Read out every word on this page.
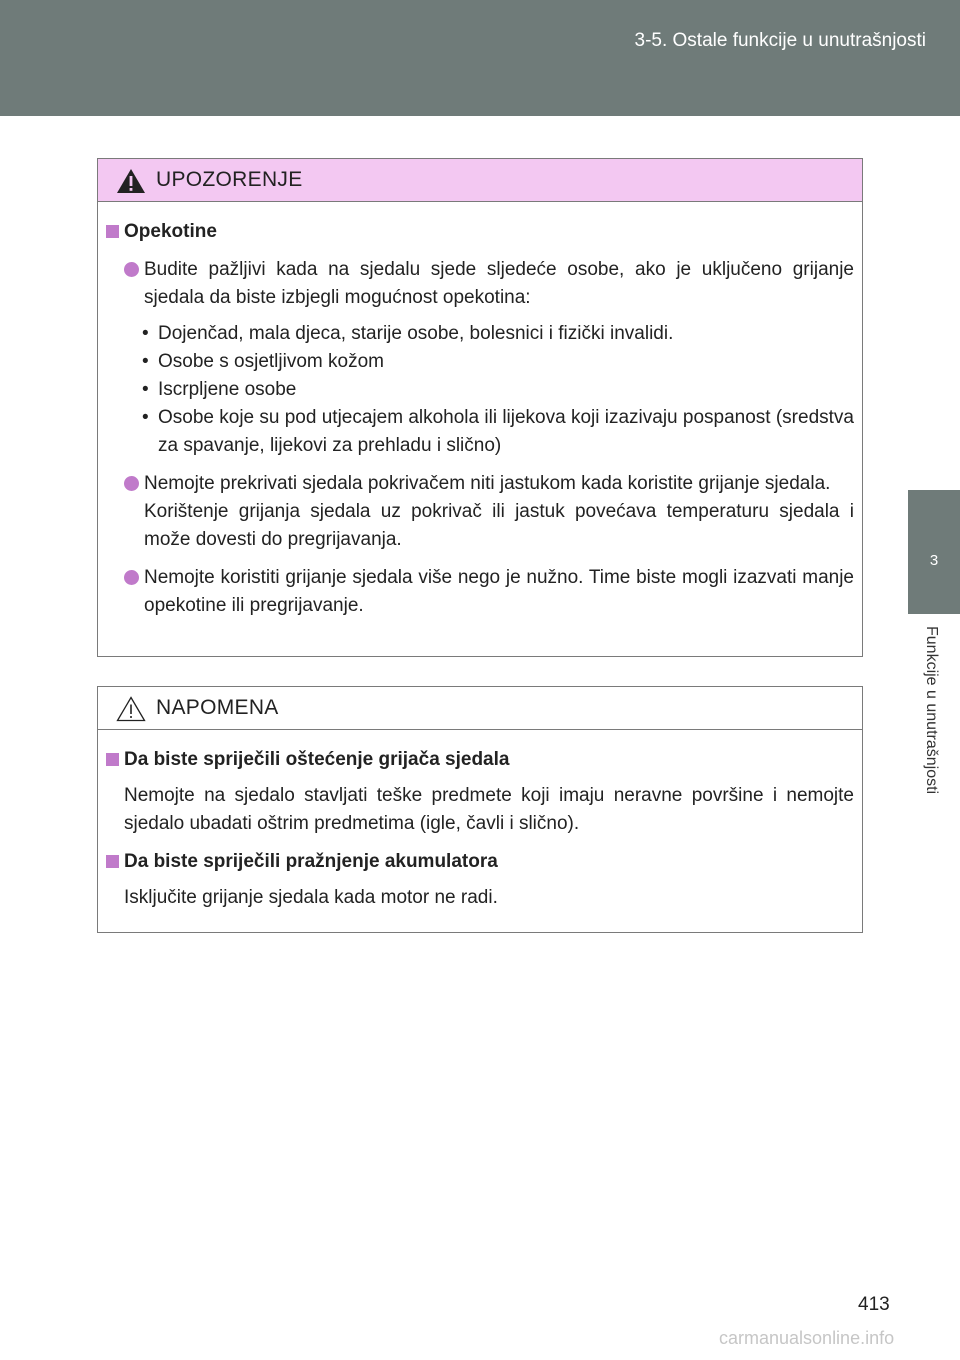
3-5. Ostale funkcije u unutrašnjosti
3
Funkcije u unutrašnjosti
UPOZORENJE
Opekotine
Budite pažljivi kada na sjedalu sjede sljedeće osobe, ako je uključeno grijanje sjedala da biste izbjegli mogućnost opekotina:
• Dojenčad, mala djeca, starije osobe, bolesnici i fizički invalidi.
• Osobe s osjetljivom kožom
• Iscrpljene osobe
• Osobe koje su pod utjecajem alkohola ili lijekova koji izazivaju pospanost (sredstva za spavanje, lijekovi za prehladu i slično)
Nemojte prekrivati sjedala pokrivačem niti jastukom kada koristite grijanje sjedala.
Korištenje grijanja sjedala uz pokrivač ili jastuk povećava temperaturu sjedala i može dovesti do pregrijavanja.
Nemojte koristiti grijanje sjedala više nego je nužno. Time biste mogli izazvati manje opekotine ili pregrijavanje.
NAPOMENA
Da biste spriječili oštećenje grijača sjedala
Nemojte na sjedalo stavljati teške predmete koji imaju neravne površine i nemojte sjedalo ubadati oštrim predmetima (igle, čavli i slično).
Da biste spriječili pražnjenje akumulatora
Isključite grijanje sjedala kada motor ne radi.
413
carmanualsonline.info
